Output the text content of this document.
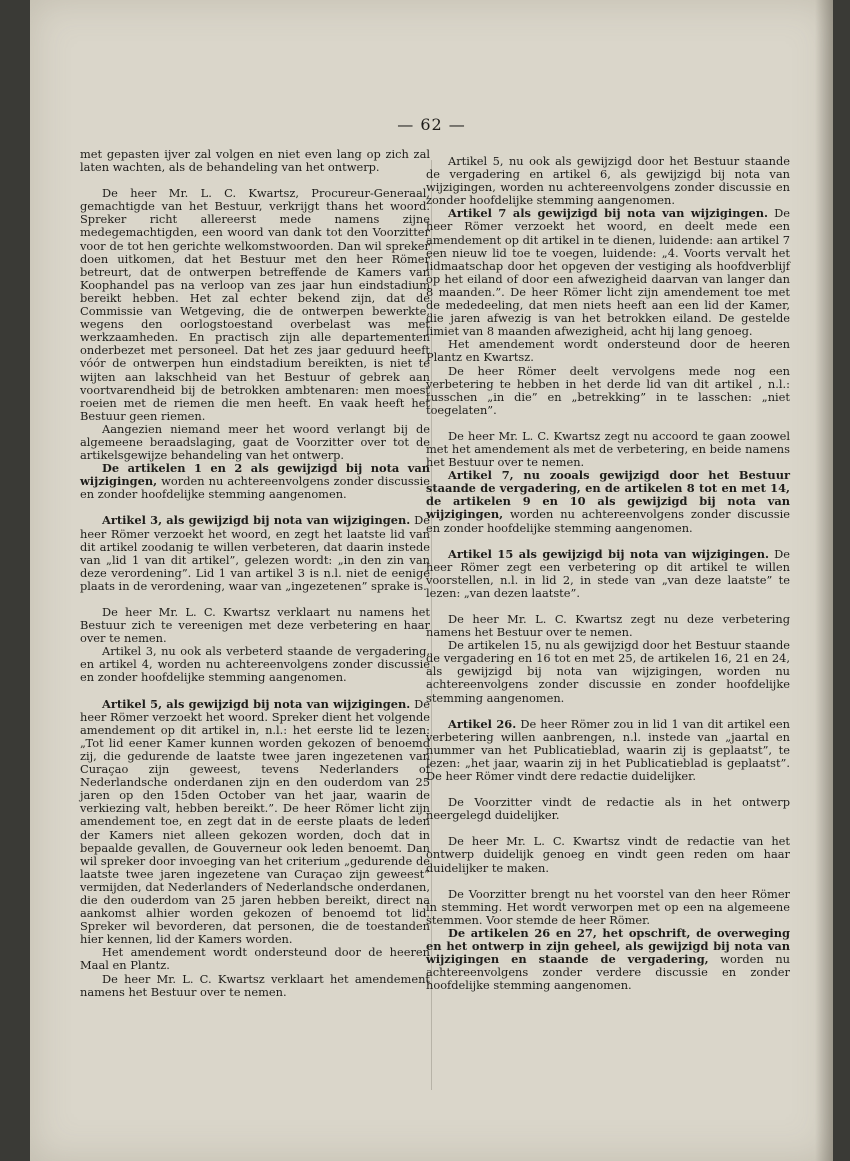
— 62 —

met gepasten ijver zal volgen en niet even lang op zich zal laten wachten, als de behandeling van het ontwerp.

De heer Mr. L. C. Kwartsz, Procureur-Generaal, gemachtigde van het Bestuur, verkrijgt thans het woord. Spreker richt allereerst mede namens zijne medegemachtigden, een woord van dank tot den Voorzitter voor de tot hen gerichte welkomstwoorden. Dan wil spreker doen uitkomen, dat het Bestuur met den heer Römer betreurt, dat de ontwerpen betreffende de Kamers van Koophandel pas na verloop van zes jaar hun eindstadium bereikt hebben. Het zal echter bekend zijn, dat de Commissie van Wetgeving, die de ontwerpen bewerkte, wegens den oorlogstoestand overbelast was met werkzaamheden. En practisch zijn alle departementen onderbezet met personeel. Dat het zes jaar geduurd heeft vóór de ontwerpen hun eindstadium bereikten, is niet te wijten aan lakschheid van het Bestuur of gebrek aan voortvarendheid bij de betrokken ambtenaren: men moest roeien met de riemen die men heeft. En vaak heeft het Bestuur geen riemen.

Aangezien niemand meer het woord verlangt bij de algemeene beraadslaging, gaat de Voorzitter over tot de artikelsgewijze behandeling van het ontwerp.

De artikelen 1 en 2 als gewijzigd bij nota van wijzigingen, worden nu achtereenvolgens zonder discussie en zonder hoofdelijke stemming aangenomen.

Artikel 3, als gewijzigd bij nota van wijzigingen. De heer Römer verzoekt het woord, en zegt het laatste lid van dit artikel zoodanig te willen verbeteren, dat daarin instede van „lid 1 van dit artikel”, gelezen wordt: „in den zin van deze verordening”. Lid 1 van artikel 3 is n.l. niet de eenige plaats in de verordening, waar van „ingezetenen” sprake is.

De heer Mr. L. C. Kwartsz verklaart nu namens het Bestuur zich te vereenigen met deze verbetering en haar over te nemen.

Artikel 3, nu ook als verbeterd staande de vergadering, en artikel 4, worden nu achtereenvolgens zonder discussie en zonder hoofdelijke stemming aangenomen.

Artikel 5, als gewijzigd bij nota van wijzigingen. De heer Römer verzoekt het woord. Spreker dient het volgende amendement op dit artikel in, n.l.: het eerste lid te lezen: „Tot lid eener Kamer kunnen worden gekozen of benoemd zij, die gedurende de laatste twee jaren ingezetenen van Curaçao zijn geweest, tevens Nederlanders of Nederlandsche onderdanen zijn en den ouderdom van 25 jaren op den 15den October van het jaar, waarin de verkiezing valt, hebben bereikt.”. De heer Römer licht zijn amendement toe, en zegt dat in de eerste plaats de leden der Kamers niet alleen gekozen worden, doch dat in bepaalde gevallen, de Gouverneur ook leden benoemt. Dan wil spreker door invoeging van het criterium „gedurende de laatste twee jaren ingezetene van Curaçao zijn geweest” vermijden, dat Nederlanders of Nederlandsche onderdanen, die den ouderdom van 25 jaren hebben bereikt, direct na aankomst alhier worden gekozen of benoemd tot lid. Spreker wil bevorderen, dat personen, die de toestanden hier kennen, lid der Kamers worden.

Het amendement wordt ondersteund door de heeren Maal en Plantz.

De heer Mr. L. C. Kwartsz verklaart het amendement namens het Bestuur over te nemen.

Artikel 5, nu ook als gewijzigd door het Bestuur staande de vergadering en artikel 6, als gewijzigd bij nota van wijzigingen, worden nu achtereenvolgens zonder discussie en zonder hoofdelijke stemming aangenomen.

Artikel 7 als gewijzigd bij nota van wijzigingen. De heer Römer verzoekt het woord, en deelt mede een amendement op dit artikel in te dienen, luidende: aan artikel 7 een nieuw lid toe te voegen, luidende: „4. Voorts vervalt het lidmaatschap door het opgeven der vestiging als hoofdverblijf op het eiland of door een afwezigheid daarvan van langer dan 8 maanden.”. De heer Römer licht zijn amendement toe met de mededeeling, dat men niets heeft aan een lid der Kamer, die jaren afwezig is van het betrokken eiland. De gestelde limiet van 8 maanden afwezigheid, acht hij lang genoeg.

Het amendement wordt ondersteund door de heeren Plantz en Kwartsz.

De heer Römer deelt vervolgens mede nog een verbetering te hebben in het derde lid van dit artikel , n.l.: tusschen „in die” en „betrekking” in te lasschen: „niet toegelaten”.

De heer Mr. L. C. Kwartsz zegt nu accoord te gaan zoowel met het amendement als met de verbetering, en beide namens het Bestuur over te nemen.

Artikel 7, nu zooals gewijzigd door het Bestuur staande de vergadering, en de artikelen 8 tot en met 14, de artikelen 9 en 10 als gewijzigd bij nota van wijzigingen, worden nu achtereenvolgens zonder discussie en zonder hoofdelijke stemming aangenomen.

Artikel 15 als gewijzigd bij nota van wijzigingen. De heer Römer zegt een verbetering op dit artikel te willen voorstellen, n.l. in lid 2, in stede van „van deze laatste” te lezen: „van dezen laatste”.

De heer Mr. L. C. Kwartsz zegt nu deze verbetering namens het Bestuur over te nemen.

De artikelen 15, nu als gewijzigd door het Bestuur staande de vergadering en 16 tot en met 25, de artikelen 16, 21 en 24, als gewijzigd bij nota van wijzigingen, worden nu achtereenvolgens zonder discussie en zonder hoofdelijke stemming aangenomen.

Artikel 26. De heer Römer zou in lid 1 van dit artikel een verbetering willen aanbrengen, n.l. instede van „jaartal en nummer van het Publicatieblad, waarin zij is geplaatst”, te lezen: „het jaar, waarin zij in het Publicatieblad is geplaatst”. De heer Römer vindt dere redactie duidelijker.

De Voorzitter vindt de redactie als in het ontwerp neergelegd duidelijker.

De heer Mr. L. C. Kwartsz vindt de redactie van het ontwerp duidelijk genoeg en vindt geen reden om haar duidelijker te maken.

De Voorzitter brengt nu het voorstel van den heer Römer in stemming. Het wordt verworpen met op een na algemeene stemmen. Voor stemde de heer Römer.

De artikelen 26 en 27, het opschrift, de overweging en het ontwerp in zijn geheel, als gewijzigd bij nota van wijzigingen en staande de vergadering, worden nu achtereenvolgens zonder verdere discussie en zonder hoofdelijke stemming aangenomen.
